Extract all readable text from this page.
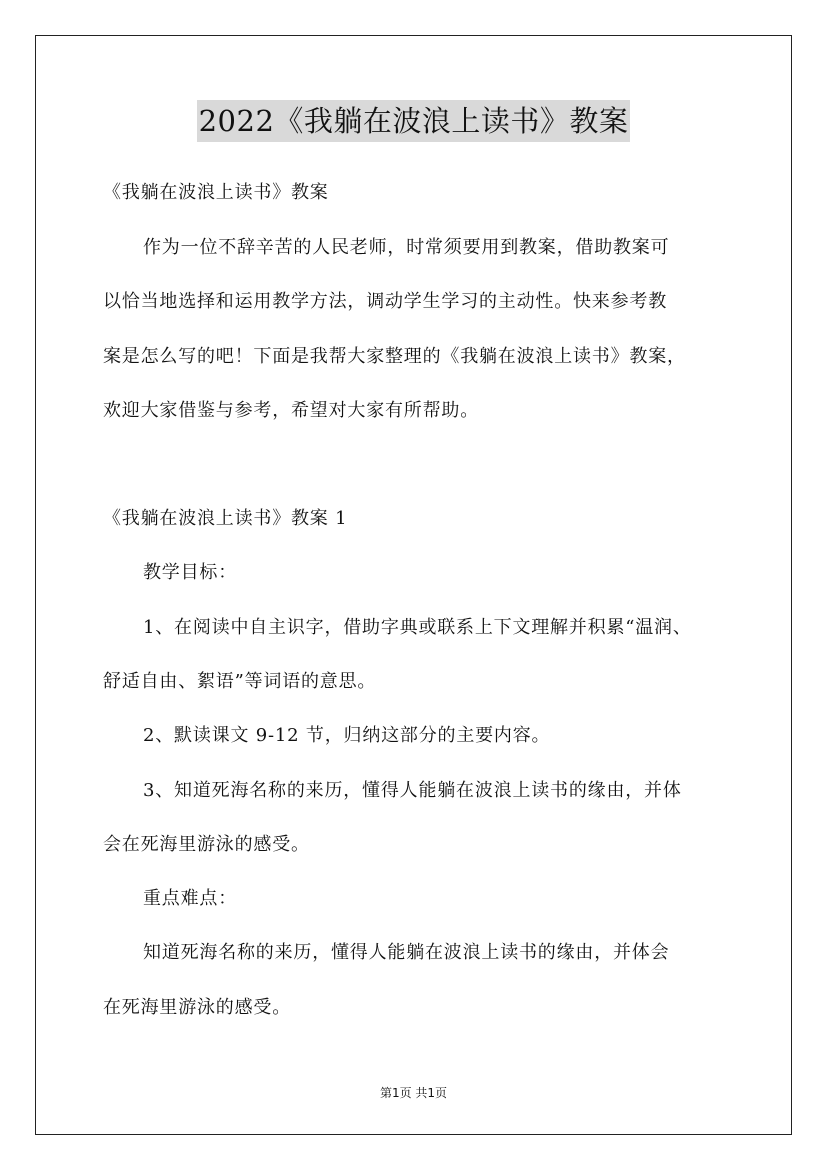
2022《我躺在波浪上读书》教案
《我躺在波浪上读书》教案
作为一位不辞辛苦的人民老师，时常须要用到教案，借助教案可
以恰当地选择和运用教学方法，调动学生学习的主动性。快来参考教
案是怎么写的吧！下面是我帮大家整理的《我躺在波浪上读书》教案，
欢迎大家借鉴与参考，希望对大家有所帮助。
《我躺在波浪上读书》教案 1
教学目标：
1、在阅读中自主识字，借助字典或联系上下文理解并积累“温润、
舒适自由、絮语”等词语的意思。
2、默读课文 9-12 节，归纳这部分的主要内容。
3、知道死海名称的来历，懂得人能躺在波浪上读书的缘由，并体
会在死海里游泳的感受。
重点难点：
知道死海名称的来历，懂得人能躺在波浪上读书的缘由，并体会
在死海里游泳的感受。
第1页 共1页
